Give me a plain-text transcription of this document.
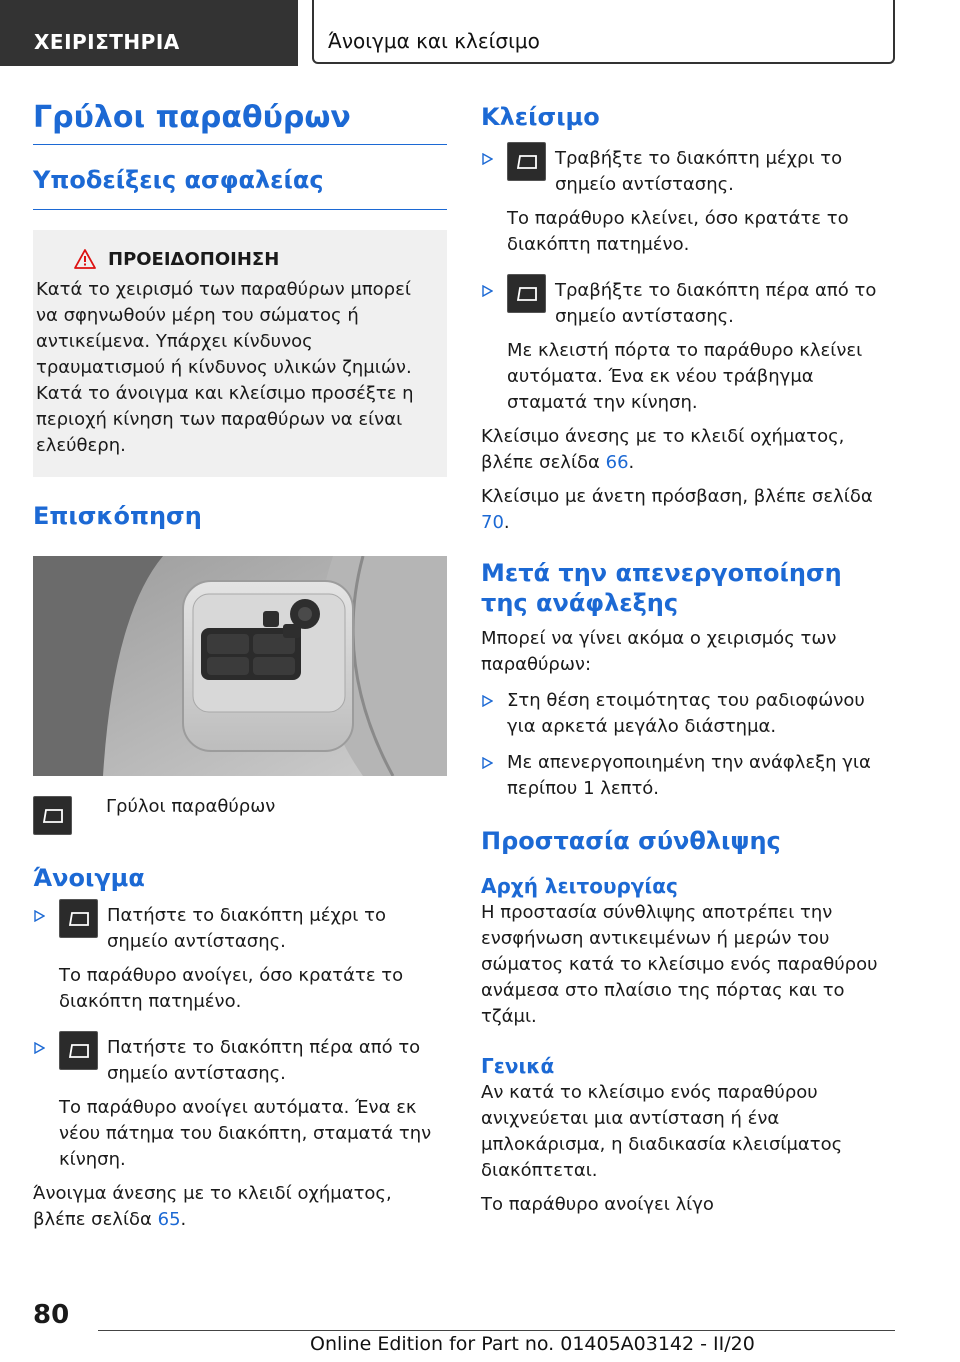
ΧΕΙΡΙΣΤΗΡΙΑ	Άνοιγμα και κλείσιμο
Γρύλοι παραθύρων
Υποδείξεις ασφαλείας
ΠΡΟΕΙΔΟΠΟΙΗΣΗ

Κατά το χειρισμό των παραθύρων μπορεί να σφηνωθούν μέρη του σώματος ή αντικείμενα. Υπάρχει κίνδυνος τραυματισμού ή κίνδυνος υλικών ζημιών. Κατά το άνοιγμα και κλείσιμο προσέξτε η περιοχή κίνηση των παραθύρων να είναι ελεύθερη.

Επισκόπηση
Γρύλοι παραθύρων
Άνοιγμα

Πατήστε το διακόπτη μέχρι το σημείο αντίστασης.

Το παράθυρο ανοίγει, όσο κρατάτε το διακόπτη πατημένο.

Πατήστε το διακόπτη πέρα από το σημείο αντίστασης.

Το παράθυρο ανοίγει αυτόματα. Ένα εκ νέου πάτημα του διακόπτη, σταματά την κίνηση.

Άνοιγμα άνεσης με το κλειδί οχήματος, βλέπε σελίδα 65.

Κλείσιμο

Τραβήξτε το διακόπτη μέχρι το σημείο αντίστασης.

Το παράθυρο κλείνει, όσο κρατάτε το διακόπτη πατημένο.

Τραβήξτε το διακόπτη πέρα από το σημείο αντίστασης.

Με κλειστή πόρτα το παράθυρο κλείνει αυτόματα. Ένα εκ νέου τράβηγμα σταματά την κίνηση.

Κλείσιμο άνεσης με το κλειδί οχήματος, βλέπε σελίδα 66.

Κλείσιμο με άνετη πρόσβαση, βλέπε σελίδα 70.

Μετά την απενεργοποίηση της ανάφλεξης

Μπορεί να γίνει ακόμα ο χειρισμός των παραθύρων:

Στη θέση ετοιμότητας του ραδιοφώνου για αρκετά μεγάλο διάστημα.

Με απενεργοποιημένη την ανάφλεξη για περίπου 1 λεπτό.

Προστασία σύνθλιψης
Αρχή λειτουργίας

Η προστασία σύνθλιψης αποτρέπει την ενσφήνωση αντικειμένων ή μερών του σώματος κατά το κλείσιμο ενός παραθύρου ανάμεσα στο πλαίσιο της πόρτας και το τζάμι.

Γενικά

Αν κατά το κλείσιμο ενός παραθύρου ανιχνεύεται μια αντίσταση ή ένα μπλοκάρισμα, η διαδικασία κλεισίματος διακόπτεται.

Το παράθυρο ανοίγει λίγο

80
Online Edition for Part no. 01405A03142 - II/20
